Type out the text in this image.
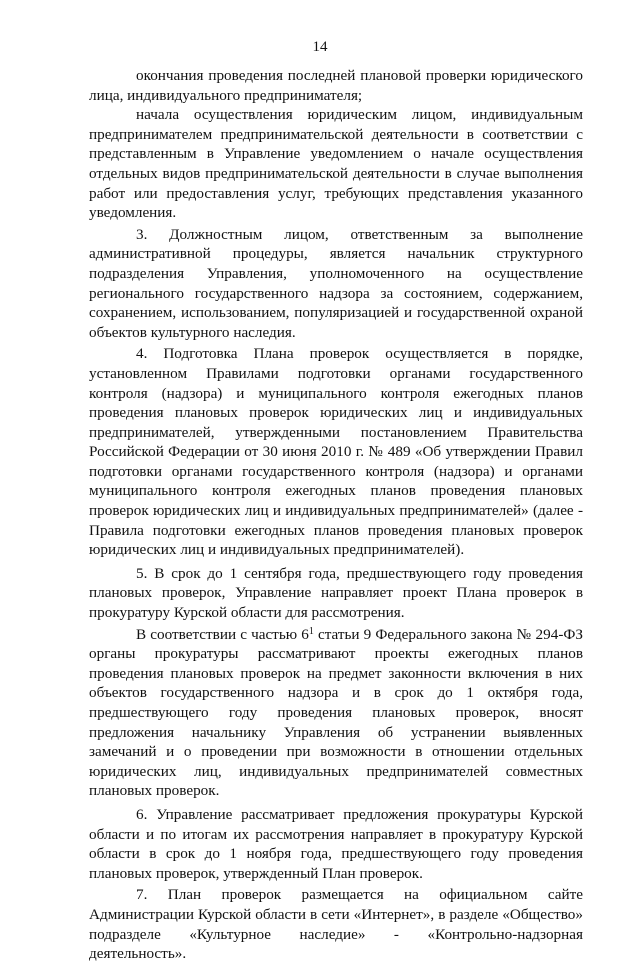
14

окончания проведения последней плановой проверки юридического лица, индивидуального предпринимателя;

начала осуществления юридическим лицом, индивидуальным предпринимателем предпринимательской деятельности в соответствии с представленным в Управление уведомлением о начале осуществления отдельных видов предпринимательской деятельности в случае выполнения работ или предоставления услуг, требующих представления указанного уведомления.

3. Должностным лицом, ответственным за выполнение административной процедуры, является начальник структурного подразделения Управления, уполномоченного на осуществление регионального государственного надзора за состоянием, содержанием, сохранением, использованием, популяризацией и государственной охраной объектов культурного наследия.

4. Подготовка Плана проверок осуществляется в порядке, установленном Правилами подготовки органами государственного контроля (надзора) и муниципального контроля ежегодных планов проведения плановых проверок юридических лиц и индивидуальных предпринимателей, утвержденными постановлением Правительства Российской Федерации от 30 июня 2010 г. № 489 «Об утверждении Правил подготовки органами государственного контроля (надзора) и органами муниципального контроля ежегодных планов проведения плановых проверок юридических лиц и индивидуальных предпринимателей» (далее - Правила подготовки ежегодных планов проведения плановых проверок юридических лиц и индивидуальных предпринимателей).

5. В срок до 1 сентября года, предшествующего году проведения плановых проверок, Управление направляет проект Плана проверок в прокуратуру Курской области для рассмотрения.

В соответствии с частью $6^1$ статьи 9 Федерального закона № 294-ФЗ органы прокуратуры рассматривают проекты ежегодных планов проведения плановых проверок на предмет законности включения в них объектов государственного надзора и в срок до 1 октября года, предшествующего году проведения плановых проверок, вносят предложения начальнику Управления об устранении выявленных замечаний и о проведении при возможности в отношении отдельных юридических лиц, индивидуальных предпринимателей совместных плановых проверок.

6. Управление рассматривает предложения прокуратуры Курской области и по итогам их рассмотрения направляет в прокуратуру Курской области в срок до 1 ноября года, предшествующего году проведения плановых проверок, утвержденный План проверок.

7. План проверок размещается на официальном сайте Администрации Курской области в сети «Интернет», в разделе «Общество» подразделе «Культурное наследие» - «Контрольно-надзорная деятельность».
